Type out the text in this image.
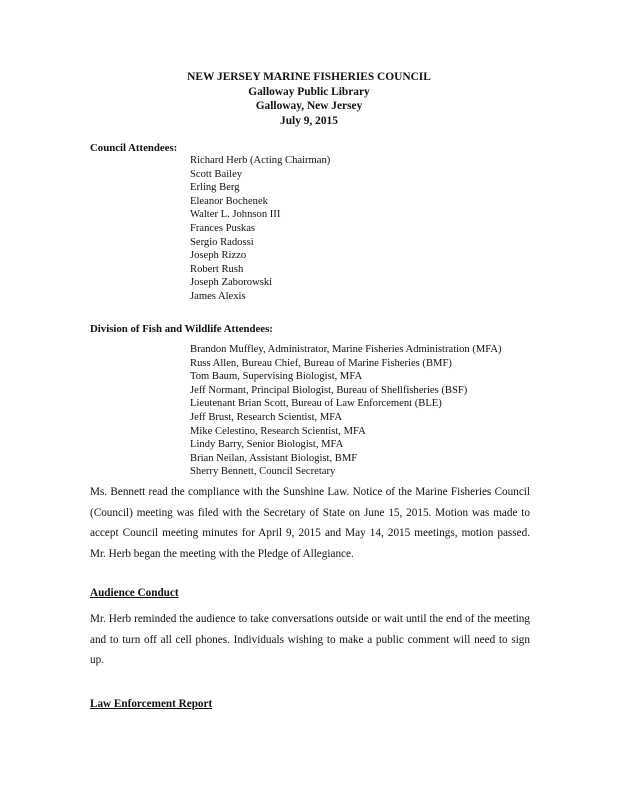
NEW JERSEY MARINE FISHERIES COUNCIL
Galloway Public Library
Galloway, New Jersey
July 9, 2015
Council Attendees:
Richard Herb (Acting Chairman)
Scott Bailey
Erling Berg
Eleanor Bochenek
Walter L. Johnson III
Frances Puskas
Sergio Radossi
Joseph Rizzo
Robert Rush
Joseph Zaborowski
James Alexis
Division of Fish and Wildlife Attendees:
Brandon Muffley, Administrator, Marine Fisheries Administration (MFA)
Russ Allen, Bureau Chief, Bureau of Marine Fisheries (BMF)
Tom Baum, Supervising Biologist, MFA
Jeff Normant, Principal Biologist, Bureau of Shellfisheries (BSF)
Lieutenant Brian Scott, Bureau of Law Enforcement (BLE)
Jeff Brust, Research Scientist, MFA
Mike Celestino, Research Scientist, MFA
Lindy Barry, Senior Biologist, MFA
Brian Neilan, Assistant Biologist, BMF
Sherry Bennett, Council Secretary

Ms. Bennett read the compliance with the Sunshine Law. Notice of the Marine Fisheries Council (Council) meeting was filed with the Secretary of State on June 15, 2015. Motion was made to accept Council meeting minutes for April 9, 2015 and May 14, 2015 meetings, motion passed. Mr. Herb began the meeting with the Pledge of Allegiance.

Audience Conduct

Mr. Herb reminded the audience to take conversations outside or wait until the end of the meeting and to turn off all cell phones. Individuals wishing to make a public comment will need to sign up.

Law Enforcement Report
